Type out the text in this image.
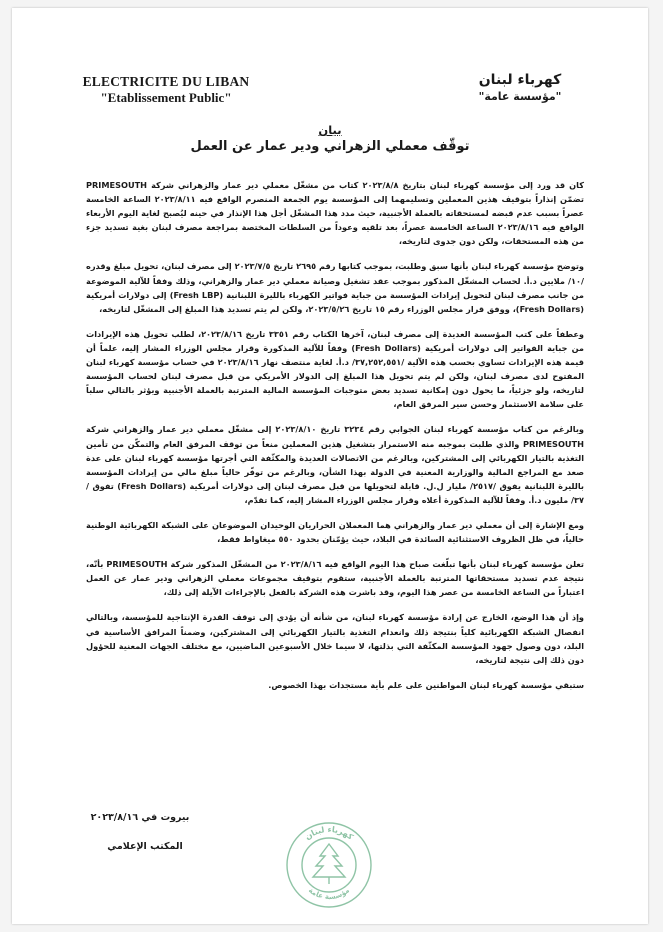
ELECTRICITE DU LIBAN
"Etablissement Public"
كهرباء لبنان
"مؤسسة عامة"
بيان
توقّف معملي الزهراني ودير عمار عن العمل

كان قد ورد إلى مؤسسة كهرباء لبنان بتاريخ ٢٠٢٣/٨/٨ كتاب من مشغّل معملي دير عمار والزهراني شركة PRIMESOUTH تضمّن إنذاراً بتوقيف هذين المعملين وتسليمهما إلى المؤسسة يوم الجمعة المنصرم الواقع فيه ٢٠٢٣/٨/١١ الساعة الخامسة عصراً بسبب عدم قبضه لمستحقاته بالعملة الأجنبية، حيث مدد هذا المشغّل أجل هذا الإنذار في حينه ليُصبح لغاية اليوم الأربعاء الواقع فيه ٢٠٢٣/٨/١٦ الساعة الخامسة عصراً، بعد تلقيه وعوداً من السلطات المختصة بمراجعة مصرف لبنان بغية تسديد جزء من هذه المستحقات، ولكن دون جدوى لتاريخه،

وتوضح مؤسسة كهرباء لبنان بأنها سبق وطلبت، بموجب كتابها رقم ٢٦٩٥ تاريخ ٢٠٢٣/٧/٥ إلى مصرف لبنان، تحويل مبلغ وقدره /١٠/ ملايين د.أ. لحساب المشغّل المذكور بموجب عقد تشغيل وصيانة معملي دير عمار والزهراني، وذلك وفقاً للآلية الموضوعة من جانب مصرف لبنان لتحويل إيرادات المؤسسة من جباية فواتير الكهرباء بالليرة اللبنانية (Fresh LBP) إلى دولارات أمريكية (Fresh Dollars)، ووفق قرار مجلس الوزراء رقم ١٥ تاريخ ٢٠٢٣/٥/٢٦، ولكن لم يتم تسديد هذا المبلغ إلى المشغّل لتاريخه،

وعطفاً على كتب المؤسسة العديدة إلى مصرف لبنان، آخرها الكتاب رقم ٣٣٥١ تاريخ ٢٠٢٣/٨/١٦، لطلب تحويل هذه الإيرادات من جباية الفواتير إلى دولارات أمريكية (Fresh Dollars) وفقاً للآلية المذكورة وقرار مجلس الوزراء المشار إليه، علماً أن قيمة هذه الإيرادات تساوي بحسب هذه الآلية /٣٧,٢٥٢,٥٥١/ د.أ. لغاية منتصف نهار ٢٠٢٣/٨/١٦ في حساب مؤسسة كهرباء لبنان المفتوح لدى مصرف لبنان، ولكن لم يتم تحويل هذا المبلغ إلى الدولار الأمريكي من قبل مصرف لبنان لحساب المؤسسة لتاريخه، ولو جزئياً، ما يحول دون إمكانية تسديد بعض متوجبات المؤسسة المالية المترتبة بالعملة الأجنبية ويؤثر بالتالي سلباً على سلامة الاستثمار وحسن سير المرفق العام،

وبالرغم من كتاب مؤسسة كهرباء لبنان الجوابي رقم ٣٢٣٤ تاريخ ٢٠٢٣/٨/١٠ إلى مشغّل معملي دير عمار والزهراني شركة PRIMESOUTH والذي طلبت بموجبه منه الاستمرار بتشغيل هذين المعملين منعاً من توقف المرفق العام والتمكّن من تأمين التغذية بالتيار الكهربائي إلى المشتركين، وبالرغم من الاتصالات العديدة والمكثّفة التي أجرتها مؤسسة كهرباء لبنان على عدة صعد مع المراجع المالية والوزارية المعنية في الدولة بهذا الشأن، وبالرغم من توفّر حالياً مبلغ مالي من إيرادات المؤسسة بالليرة اللبنانية يفوق /٢٥١٧/ مليار ل.ل. قابلة لتحويلها من قبل مصرف لبنان إلى دولارات أمريكية (Fresh Dollars) تفوق /٣٧/ مليون د.أ. وفقاً للآلية المذكورة أعلاه وقرار مجلس الوزراء المشار إليه، كما تقدّم،

ومع الإشارة إلى أن معملي دير عمار والزهراني هما المعملان الحراريان الوحيدان الموضوعان على الشبكة الكهربائية الوطنية حالياً، في ظل الظروف الاستثنائية السائدة في البلاد، حيث يؤمّنان بحدود ٥٥٠ ميغاواط فقط،

تعلن مؤسسة كهرباء لبنان بأنها تبلّغت صباح هذا اليوم الواقع فيه ٢٠٢٣/٨/١٦ من المشغّل المذكور شركة PRIMESOUTH بأنّه، نتيجة عدم تسديد مستحقاتها المترتبة بالعملة الأجنبية، ستقوم بتوقيف مجموعات معملي الزهراني ودير عمار عن العمل اعتباراً من الساعة الخامسة من عصر هذا اليوم، وقد باشرت هذه الشركة بالفعل بالإجراءات الآيلة إلى ذلك،

وإذ أن هذا الوضع، الخارج عن إرادة مؤسسة كهرباء لبنان، من شأنه أن يؤدي إلى توقف القدرة الإنتاجية للمؤسسة، وبالتالي انفصال الشبكة الكهربائية كلياً بنتيجة ذلك وانعدام التغذية بالتيار الكهربائي إلى المشتركين، وضمناً المرافق الأساسية في البلد، دون وصول جهود المؤسسة المكثّفة التي بذلتها، لا سيما خلال الأسبوعين الماضيين، مع مختلف الجهات المعنية للحؤول دون ذلك إلى نتيجة لتاريخه،

ستبقي مؤسسة كهرباء لبنان المواطنين على علم بأية مستجدات بهذا الخصوص.

بيروت في ٢٠٢٣/٨/١٦
المكتب الإعلامي
كهرباء لبنان
مؤسسة عامة
